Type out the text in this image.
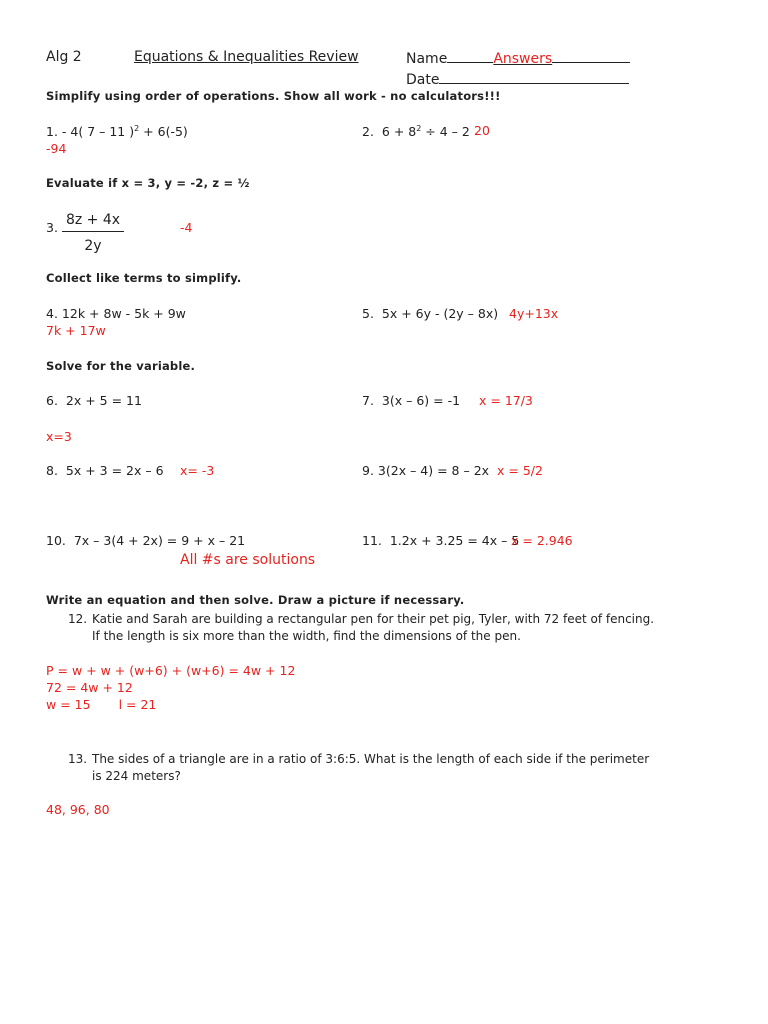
Alg 2	Equations & Inequalities Review	Name	Answers
Date
Simplify using order of operations. Show all work - no calculators!!!
1. - 4( 7 – 11 )$^2$ + 6(-5)
-94
2. $6 + 8^2 \div 4 - 2$ 20
Evaluate if x = 3, y = -2, z = ½
3. $\frac{8z + 4x}{2y}$	-4
Collect like terms to simplify.
4. 12k + 8w - 5k + 9w
7k + 17w
5. 5x + 6y - (2y – 8x) 4y+13x
Solve for the variable.
6. 2x + 5 = 11
x=3
7. 3(x – 6) = -1 x = 17/3
8. 5x + 3 = 2x – 6 x= -3	9. 3(2x – 4) = 8 – 2x x = 5/2
10. 7x – 3(4 + 2x) = 9 + x – 21
All #s are solutions
11. 1.2x + 3.25 = 4x – 5
x = 2.946
Write an equation and then solve. Draw a picture if necessary.
12. Katie and Sarah are building a rectangular pen for their pet pig, Tyler, with 72 feet of fencing.
If the length is six more than the width, find the dimensions of the pen.
P = w + w + (w+6) + (w+6) = 4w + 12
72 = 4w + 12
w = 15 l = 21
13. The sides of a triangle are in a ratio of 3:6:5. What is the length of each side if the perimeter
is 224 meters?
48, 96, 80
